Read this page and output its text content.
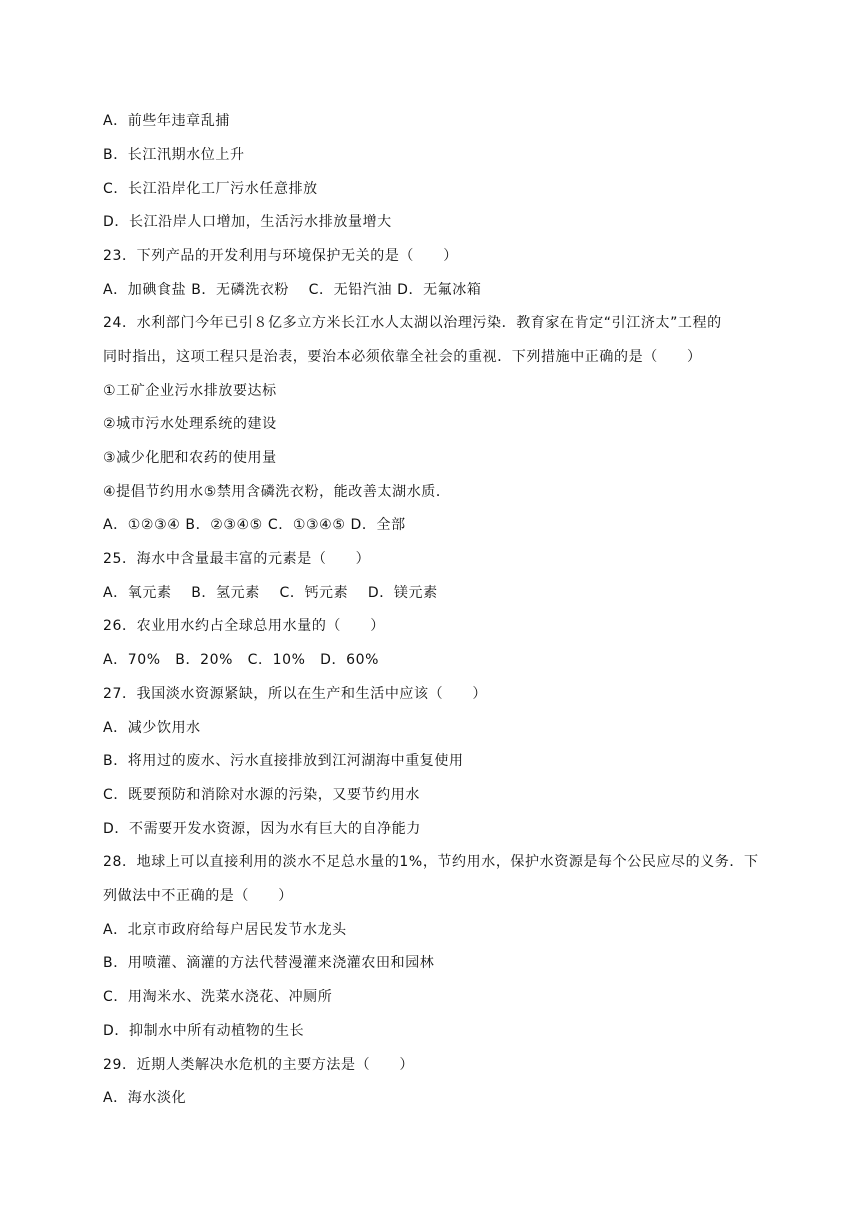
A．前些年违章乱捕
B．长江汛期水位上升
C．长江沿岸化工厂污水任意排放
D．长江沿岸人口增加，生活污水排放量增大
23．下列产品的开发利用与环境保护无关的是（　　）
A．加碘食盐 B．无磷洗衣粉　 C．无铅汽油 D．无氟冰箱
24．水利部门今年已引８亿多立方米长江水人太湖以治理污染．教育家在肯定“引江济太”工程的
同时指出，这项工程只是治表，要治本必须依靠全社会的重视．下列措施中正确的是（　　）
①工矿企业污水排放要达标
②城市污水处理系统的建设
③减少化肥和农药的使用量
④提倡节约用水⑤禁用含磷洗衣粉，能改善太湖水质．
A．①②③④ B．②③④⑤ C．①③④⑤ D．全部
25．海水中含量最丰富的元素是（　　）
A．氧元素　 B．氢元素　 C．钙元素　 D．镁元素
26．农业用水约占全球总用水量的（　　）
A．70%　B．20%　C．10%　D．60%
27．我国淡水资源紧缺，所以在生产和生活中应该（　　）
A．减少饮用水
B．将用过的废水、污水直接排放到江河湖海中重复使用
C．既要预防和消除对水源的污染，又要节约用水
D．不需要开发水资源，因为水有巨大的自净能力
28．地球上可以直接利用的淡水不足总水量的1%，节约用水，保护水资源是每个公民应尽的义务．下
列做法中不正确的是（　　）
A．北京市政府给每户居民发节水龙头
B．用喷灌、滴灌的方法代替漫灌来浇灌农田和园林
C．用淘米水、洗菜水浇花、冲厕所
D．抑制水中所有动植物的生长
29．近期人类解决水危机的主要方法是（　　）
A．海水淡化
